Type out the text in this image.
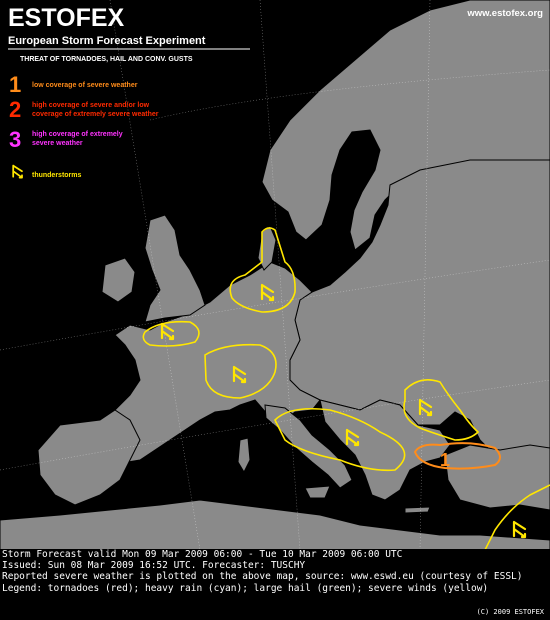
1
ESTOFEX
European Storm Forecast Experiment
www.estofex.org
THREAT OF TORNADOES, HAIL AND CONV. GUSTS
1 low coverage of severe weather
2 high coverage of severe and/or low
coverage of extremely severe weather
3 high coverage of extremely
severe weather
thunderstorms
Storm Forecast valid Mon 09 Mar 2009 06:00 - Tue 10 Mar 2009 06:00 UTC
Issued: Sun 08 Mar 2009 16:52 UTC. Forecaster: TUSCHY
Reported severe weather is plotted on the above map, source: www.eswd.eu (courtesy of ESSL)
Legend: tornadoes (red); heavy rain (cyan); large hail (green); severe winds (yellow)
(C) 2009 ESTOFEX
